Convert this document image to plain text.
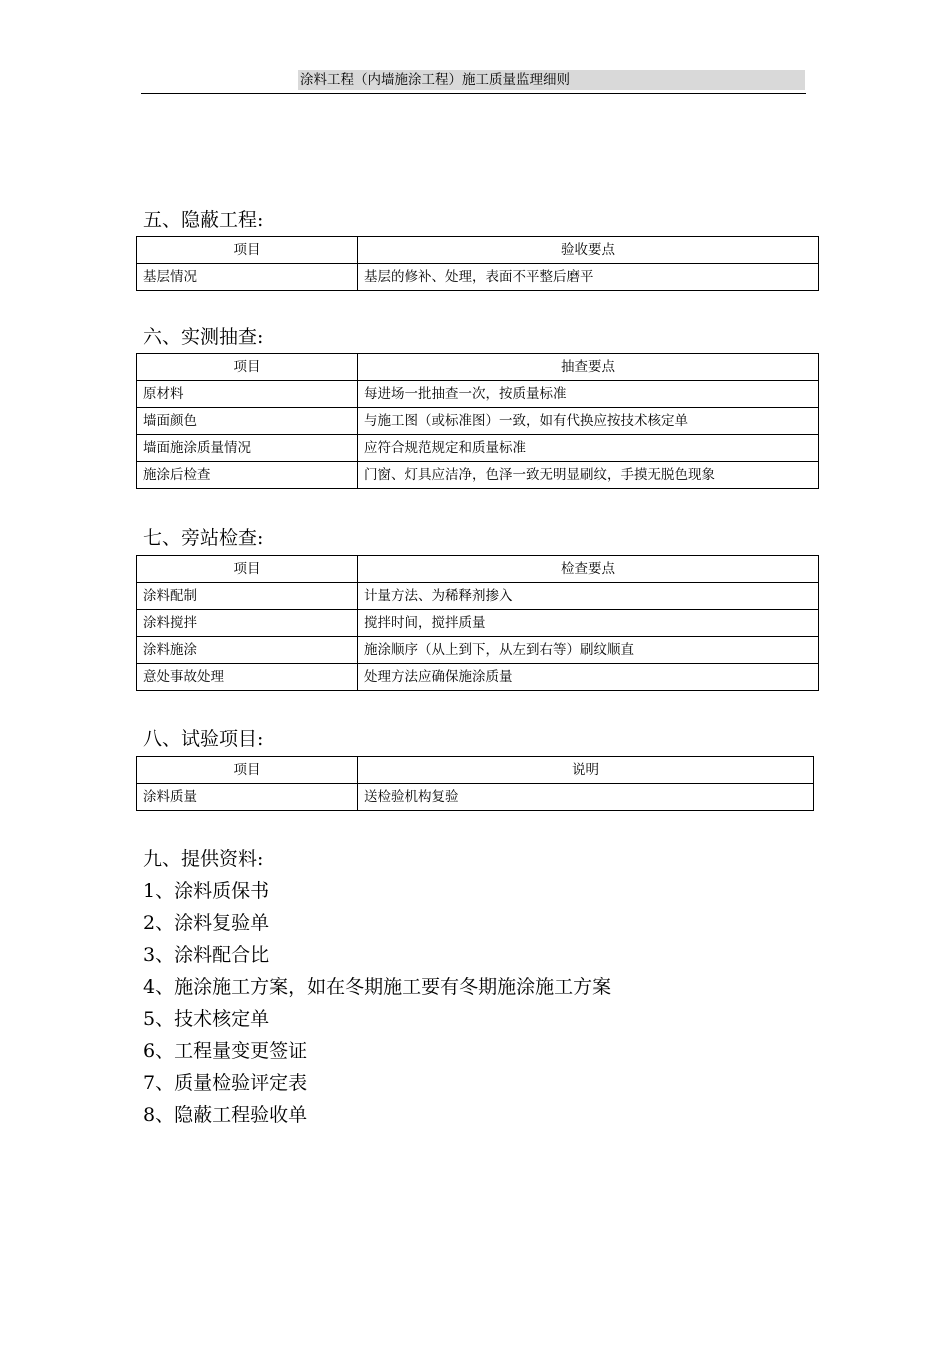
涂料工程（内墙施涂工程）施工质量监理细则
五、隐蔽工程:
项目	验收要点
基层情况	基层的修补、处理，表面不平整后磨平
六、实测抽查:
项目	抽查要点
原材料	每进场一批抽查一次，按质量标准
墙面颜色	与施工图（或标准图）一致，如有代换应按技术核定单
墙面施涂质量情况	应符合规范规定和质量标准
施涂后检查	门窗、灯具应洁净，色泽一致无明显刷纹，手摸无脱色现象
七、旁站检查:
项目	检查要点
涂料配制	计量方法、为稀释剂掺入
涂料搅拌	搅拌时间，搅拌质量
涂料施涂	施涂顺序（从上到下，从左到右等）刷纹顺直
意处事故处理	处理方法应确保施涂质量
八、试验项目:
项目	说明
涂料质量	送检验机构复验
九、提供资料:
1、涂料质保书
2、涂料复验单
3、涂料配合比
4、施涂施工方案，如在冬期施工要有冬期施涂施工方案
5、技术核定单
6、工程量变更签证
7、质量检验评定表
8、隐蔽工程验收单
